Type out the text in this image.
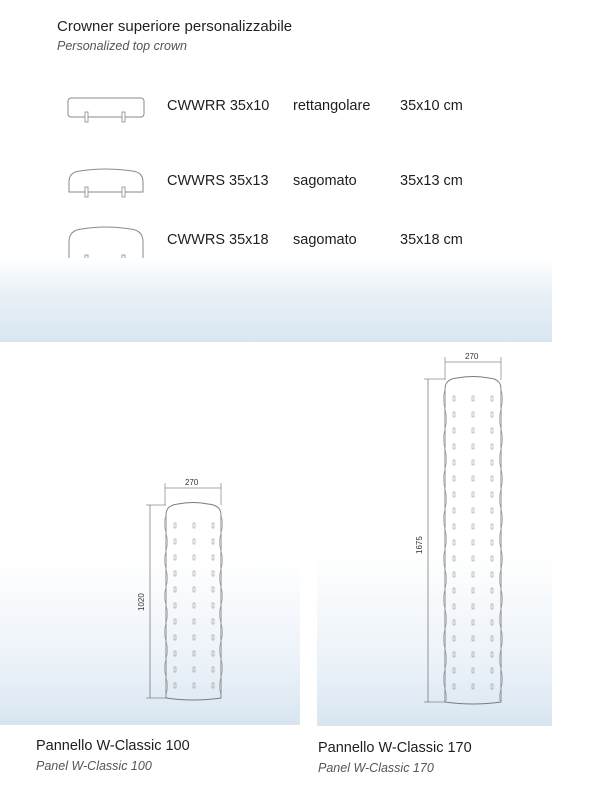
Crowner superiore personalizzabile
Personalized top crown
CWWRR 35x10 rettangolare 35x10 cm
CWWRS 35x13 sagomato	35x13 cm
CWWRS 35x18 sagomato	35x18 cm
270
1020
Pannello W-Classic 100
Panel W-Classic 100
270
1675
Pannello W-Classic 170
Panel W-Classic 170
